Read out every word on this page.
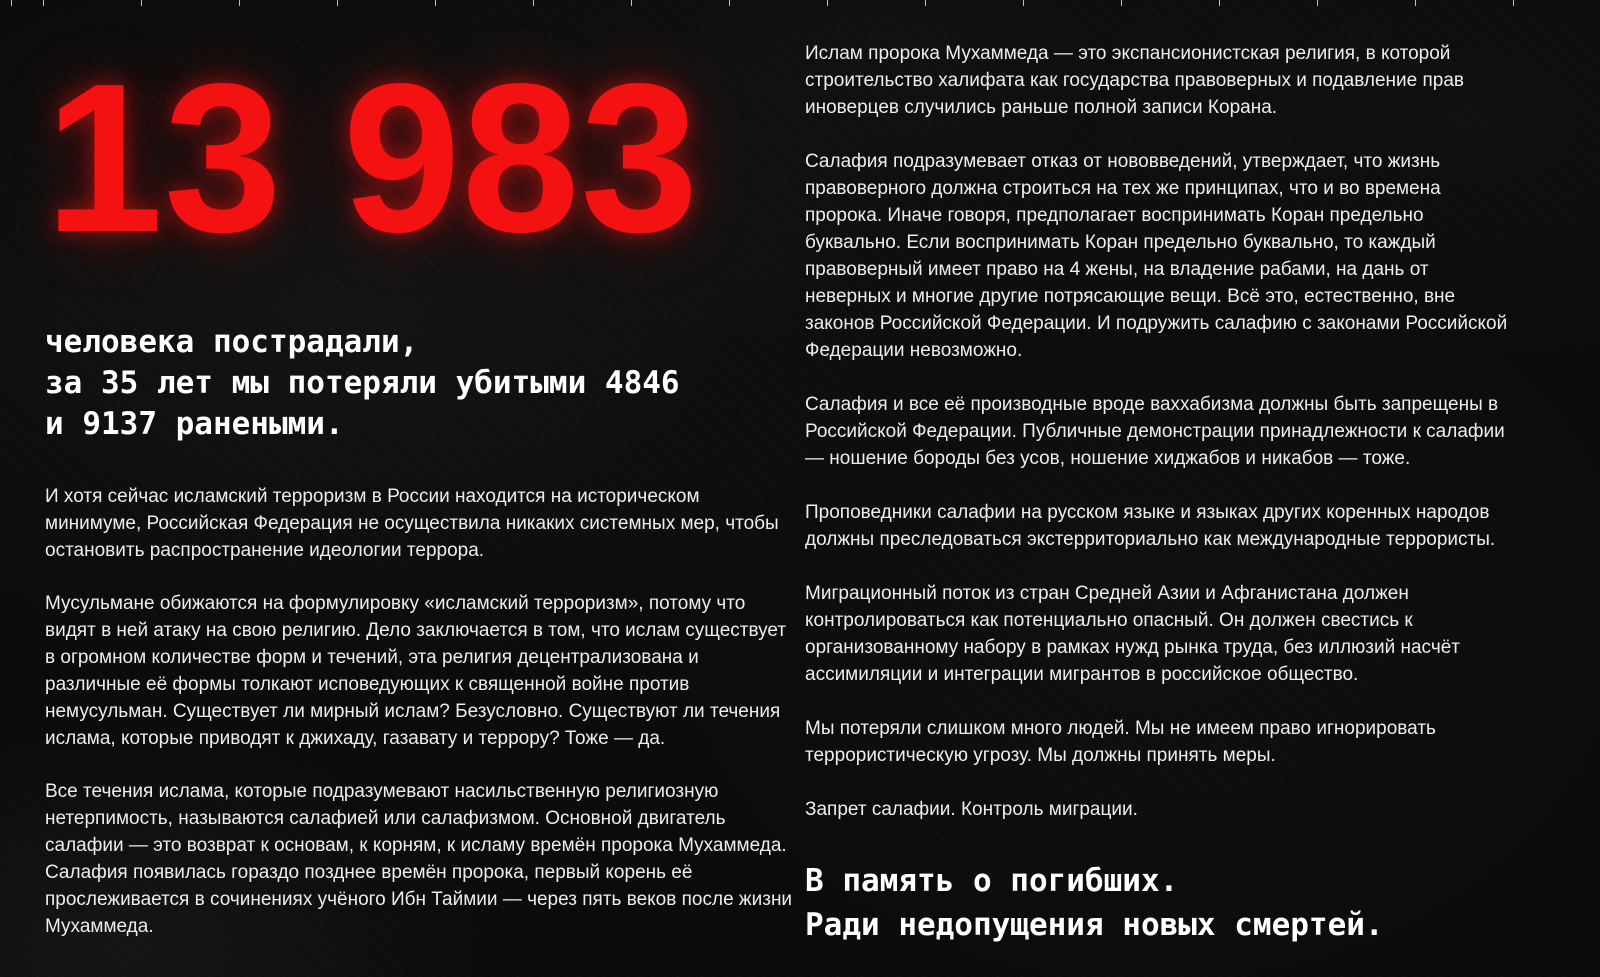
13 983
человека пострадали,
за 35 лет мы потеряли убитыми 4846
и 9137 ранеными.

И хотя сейчас исламский терроризм в России находится на историческом минимуме, Российская Федерация не осуществила никаких системных мер, чтобы остановить распространение идеологии террора.

Мусульмане обижаются на формулировку «исламский терроризм», потому что видят в ней атаку на свою религию. Дело заключается в том, что ислам существует в огромном количестве форм и течений, эта религия децентрализована и различные её формы толкают исповедующих к священной войне против немусульман. Существует ли мирный ислам? Безусловно. Существуют ли течения ислама, которые приводят к джихаду, газавату и террору? Тоже — да.

Все течения ислама, которые подразумевают насильственную религиозную нетерпимость, называются салафией или салафизмом. Основной двигатель салафии — это возврат к основам, к корням, к исламу времён пророка Мухаммеда. Салафия появилась гораздо позднее времён пророка, первый корень её прослеживается в сочинениях учёного Ибн Таймии — через пять веков после жизни Мухаммеда.

Ислам пророка Мухаммеда — это экспансионистская религия, в которой строительство халифата как государства правоверных и подавление прав иноверцев случились раньше полной записи Корана.

Салафия подразумевает отказ от нововведений, утверждает, что жизнь правоверного должна строиться на тех же принципах, что и во времена пророка. Иначе говоря, предполагает воспринимать Коран предельно буквально. Если воспринимать Коран предельно буквально, то каждый правоверный имеет право на 4 жены, на владение рабами, на дань от неверных и многие другие потрясающие вещи. Всё это, естественно, вне законов Российской Федерации. И подружить салафию с законами Российской Федерации невозможно.

Салафия и все её производные вроде ваххабизма должны быть запрещены в Российской Федерации. Публичные демонстрации принадлежности к салафии — ношение бороды без усов, ношение хиджабов и никабов — тоже.

Проповедники салафии на русском языке и языках других коренных народов должны преследоваться экстерриториально как международные террористы.

Миграционный поток из стран Средней Азии и Афганистана должен контролироваться как потенциально опасный. Он должен свестись к организованному набору в рамках нужд рынка труда, без иллюзий насчёт ассимиляции и интеграции мигрантов в российское общество.

Мы потеряли слишком много людей. Мы не имеем право игнорировать террористическую угрозу. Мы должны принять меры.

Запрет салафии. Контроль миграции.

В память о погибших.
Ради недопущения новых смертей.
